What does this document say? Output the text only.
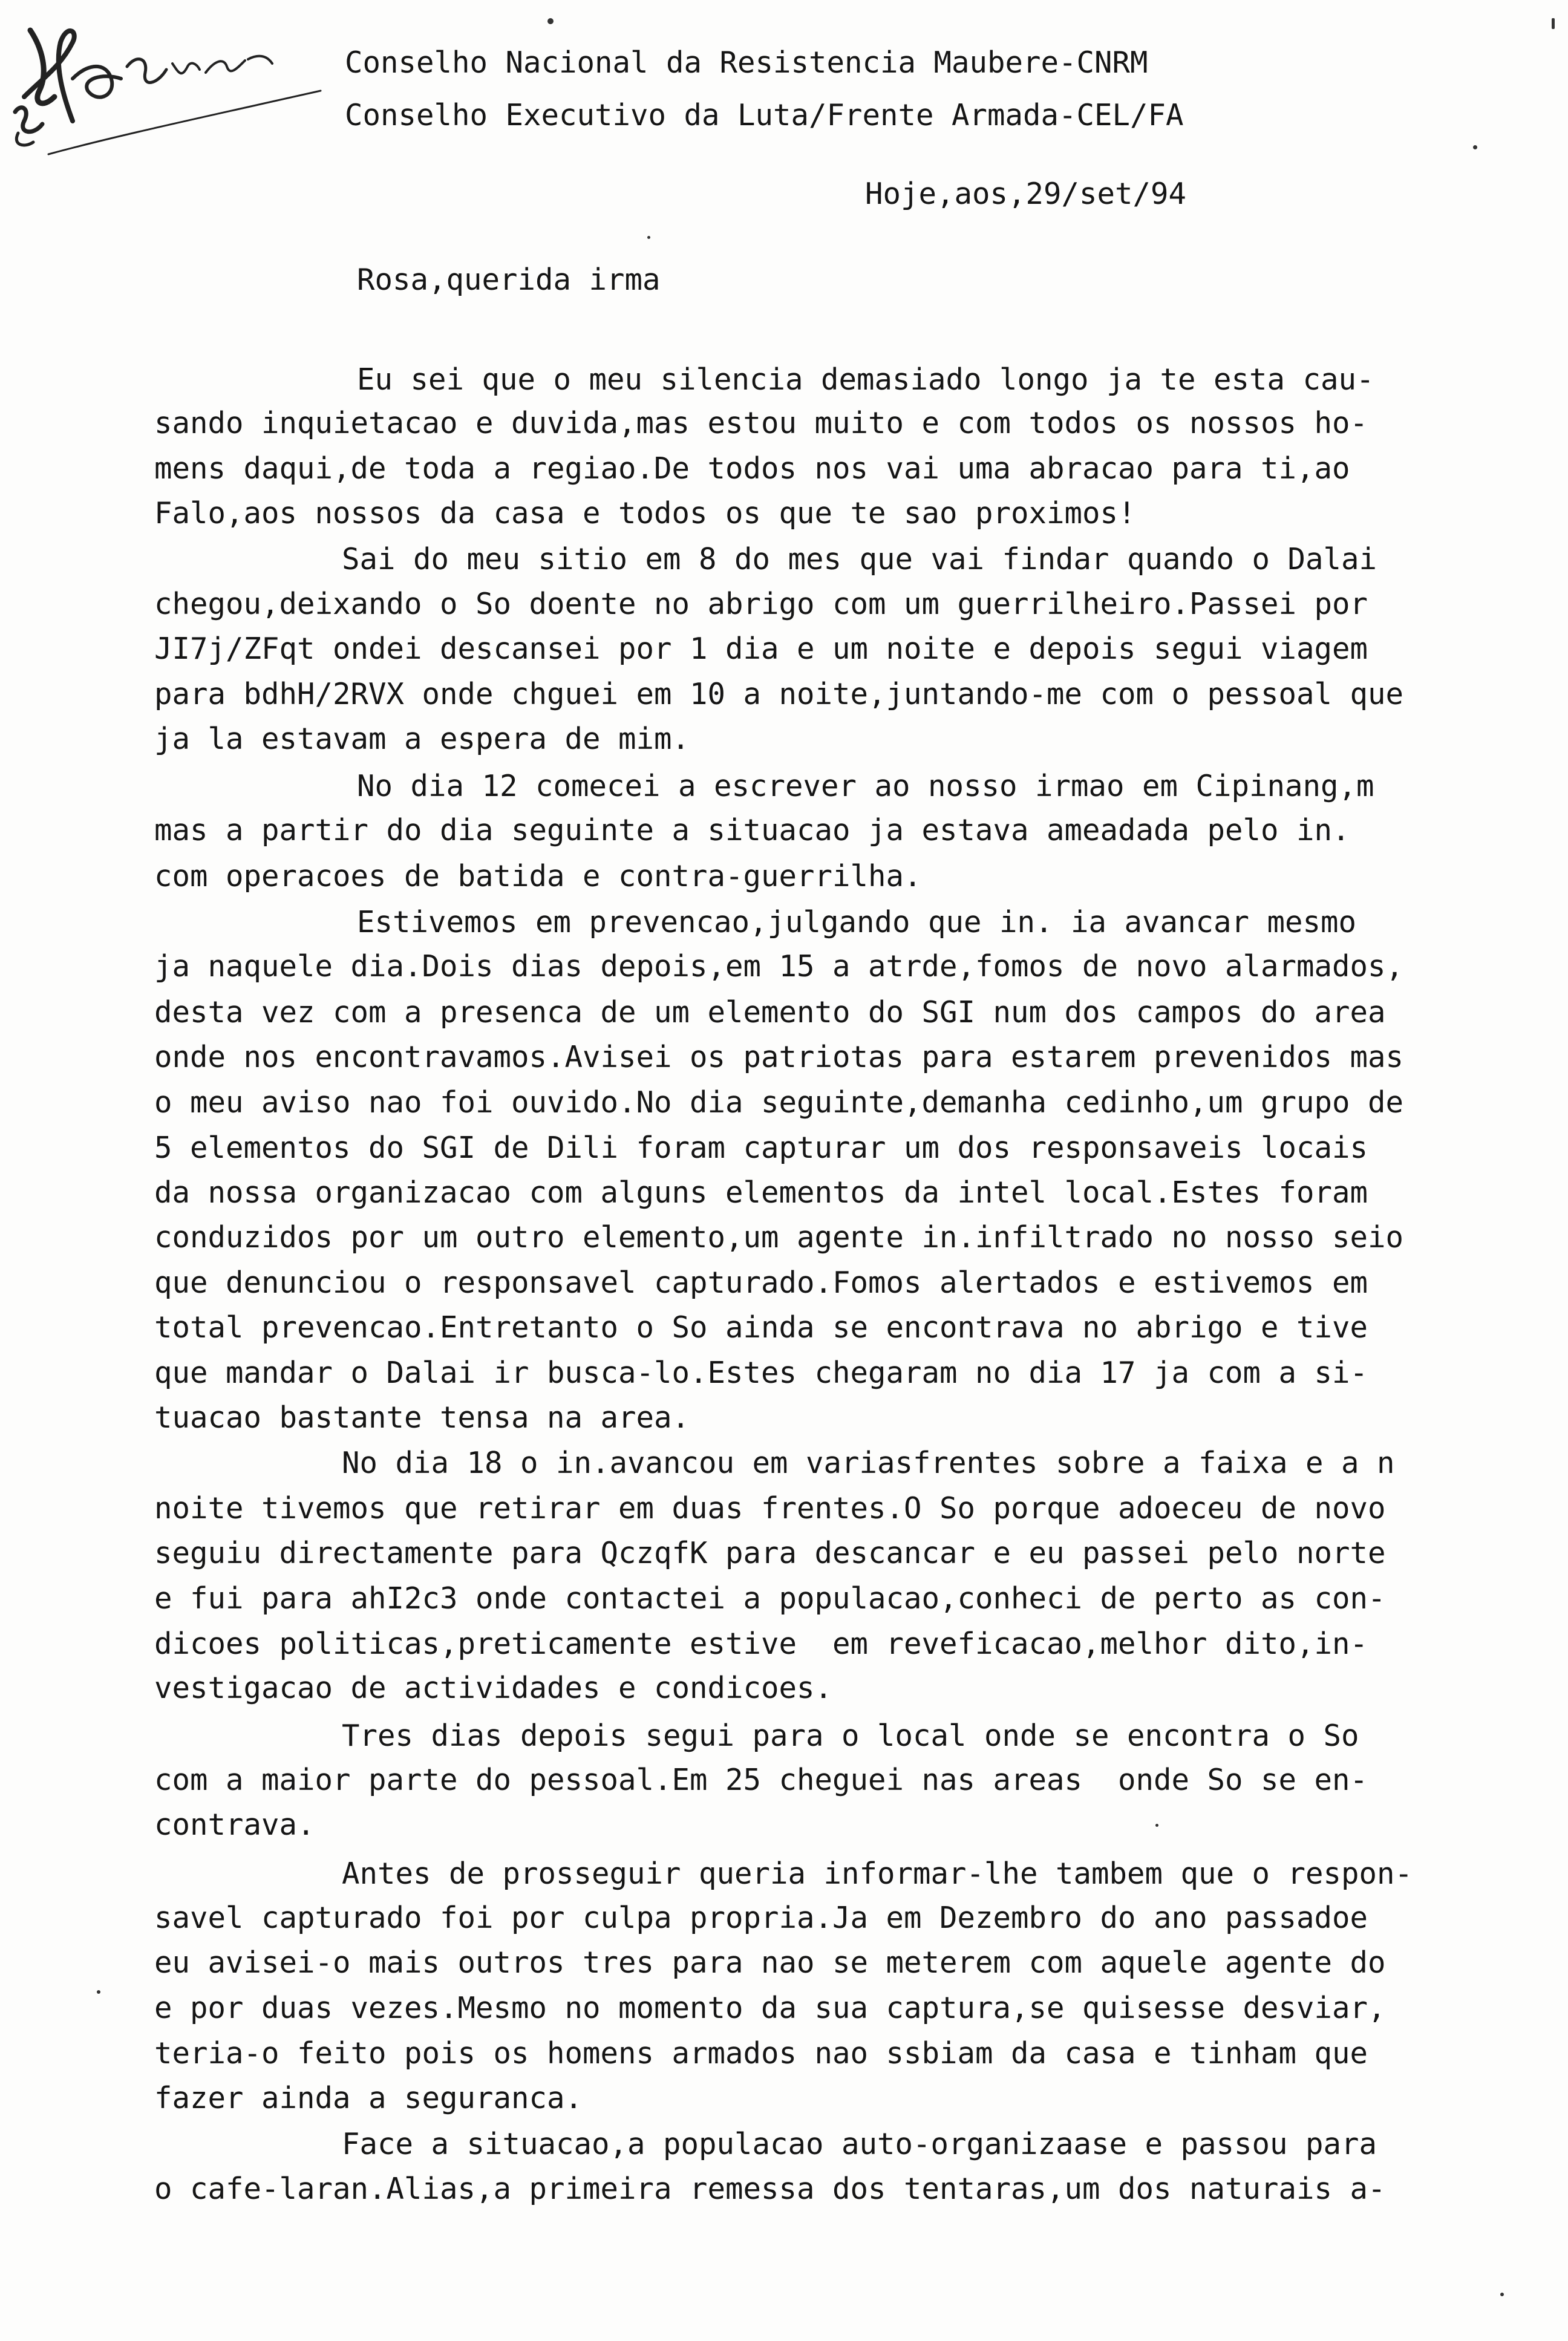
Conselho Nacional da Resistencia Maubere-CNRM

Conselho Executivo da Luta/Frente Armada-CEL/FA

Hoje,aos,29/set/94

Rosa,querida irma

Eu sei que o meu silencia demasiado longo ja te esta cau-

sando inquietacao e duvida,mas estou muito e com todos os nossos ho-

mens daqui,de toda a regiao.De todos nos vai uma abracao para ti,ao

Falo,aos nossos da casa e todos os que te sao proximos!

Sai do meu sitio em 8 do mes que vai findar quando o Dalai

chegou,deixando o So doente no abrigo com um guerrilheiro.Passei por

JI7j/ZFqt ondei descansei por 1 dia e um noite e depois segui viagem

para bdhH/2RVX onde chguei em 10 a noite,juntando-me com o pessoal que

ja la estavam a espera de mim.

No dia 12 comecei a escrever ao nosso irmao em Cipinang,m

mas a partir do dia seguinte a situacao ja estava ameadada pelo in.

com operacoes de batida e contra-guerrilha.

Estivemos em prevencao,julgando que in. ia avancar mesmo

ja naquele dia.Dois dias depois,em 15 a atrde,fomos de novo alarmados,

desta vez com a presenca de um elemento do SGI num dos campos do area

onde nos encontravamos.Avisei os patriotas para estarem prevenidos mas

o meu aviso nao foi ouvido.No dia seguinte,demanha cedinho,um grupo de

5 elementos do SGI de Dili foram capturar um dos responsaveis locais

da nossa organizacao com alguns elementos da intel local.Estes foram

conduzidos por um outro elemento,um agente in.infiltrado no nosso seio

que denunciou o responsavel capturado.Fomos alertados e estivemos em

total prevencao.Entretanto o So ainda se encontrava no abrigo e tive

que mandar o Dalai ir busca-lo.Estes chegaram no dia 17 ja com a si-

tuacao bastante tensa na area.

No dia 18 o in.avancou em variasfrentes sobre a faixa e a n

noite tivemos que retirar em duas frentes.O So porque adoeceu de novo

seguiu directamente para QczqfK para descancar e eu passei pelo norte

e fui para ahI2c3 onde contactei a populacao,conheci de perto as con-

dicoes politicas,preticamente estive  em reveficacao,melhor dito,in-

vestigacao de actividades e condicoes.

Tres dias depois segui para o local onde se encontra o So

com a maior parte do pessoal.Em 25 cheguei nas areas  onde So se en-

contrava.

Antes de prosseguir queria informar-lhe tambem que o respon-

savel capturado foi por culpa propria.Ja em Dezembro do ano passadoe

eu avisei-o mais outros tres para nao se meterem com aquele agente do

e por duas vezes.Mesmo no momento da sua captura,se quisesse desviar,

teria-o feito pois os homens armados nao ssbiam da casa e tinham que

fazer ainda a seguranca.

Face a situacao,a populacao auto-organizaase e passou para

o cafe-laran.Alias,a primeira remessa dos tentaras,um dos naturais a-
